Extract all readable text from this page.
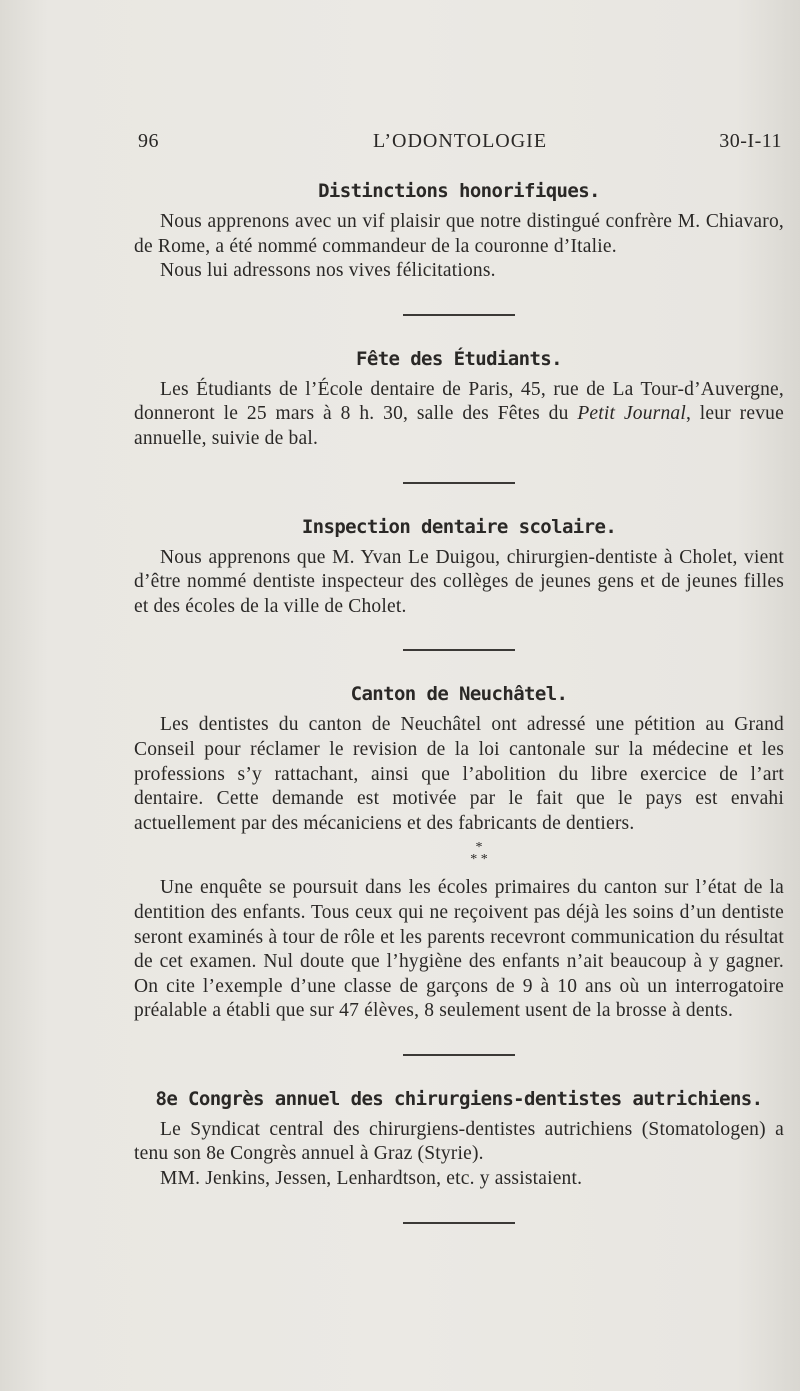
L’ODONTOLOGIE
96	30-I-11
Distinctions honorifiques.

Nous apprenons avec un vif plaisir que notre distingué confrère M. Chiavaro, de Rome, a été nommé commandeur de la couronne d’Italie.

Nous lui adressons nos vives félicitations.

Fête des Étudiants.

Les Étudiants de l’École dentaire de Paris, 45, rue de La Tour-d’Auvergne, donneront le 25 mars à 8 h. 30, salle des Fêtes du Petit Journal, leur revue annuelle, suivie de bal.

Inspection dentaire scolaire.

Nous apprenons que M. Yvan Le Duigou, chirurgien-dentiste à Cholet, vient d’être nommé dentiste inspecteur des collèges de jeunes gens et de jeunes filles et des écoles de la ville de Cholet.

Canton de Neuchâtel.

Les dentistes du canton de Neuchâtel ont adressé une pétition au Grand Conseil pour réclamer le revision de la loi cantonale sur la médecine et les professions s’y rattachant, ainsi que l’abolition du libre exercice de l’art dentaire. Cette demande est motivée par le fait que le pays est envahi actuellement par des mécaniciens et des fabricants de dentiers.

*
* *

Une enquête se poursuit dans les écoles primaires du canton sur l’état de la dentition des enfants. Tous ceux qui ne reçoivent pas déjà les soins d’un dentiste seront examinés à tour de rôle et les parents recevront communication du résultat de cet examen. Nul doute que l’hygiène des enfants n’ait beaucoup à y gagner. On cite l’exemple d’une classe de garçons de 9 à 10 ans où un interrogatoire préalable a établi que sur 47 élèves, 8 seulement usent de la brosse à dents.

8e Congrès annuel des chirurgiens-dentistes autrichiens.

Le Syndicat central des chirurgiens-dentistes autrichiens (Stomatologen) a tenu son 8e Congrès annuel à Graz (Styrie).

MM. Jenkins, Jessen, Lenhardtson, etc. y assistaient.
